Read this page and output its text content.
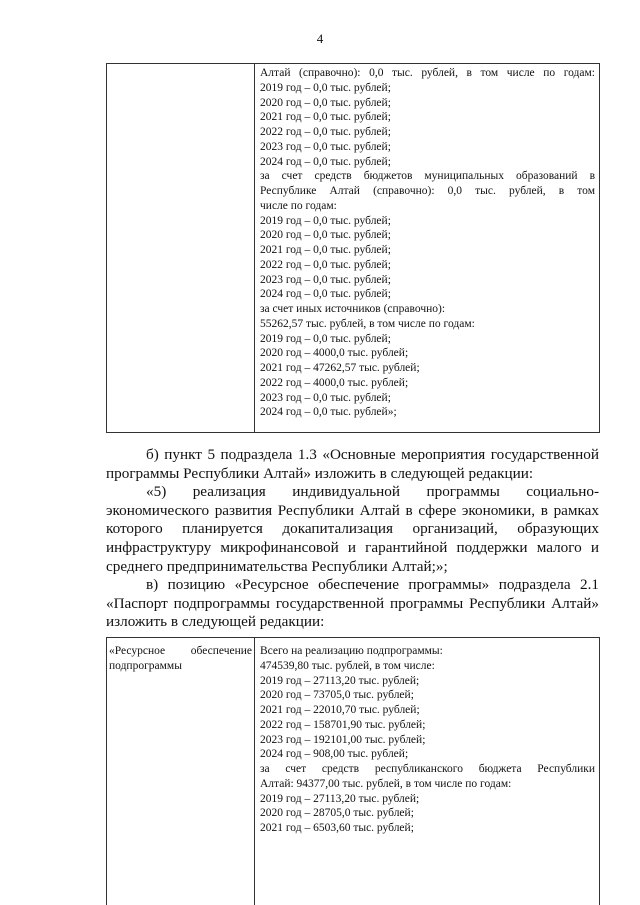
4

Алтай (справочно): 0,0 тыс. рублей, в том числе по годам:
2019 год – 0,0 тыс. рублей;
2020 год – 0,0 тыс. рублей;
2021 год – 0,0 тыс. рублей;
2022 год – 0,0 тыс. рублей;
2023 год – 0,0 тыс. рублей;
2024 год – 0,0 тыс. рублей;
за счет средств бюджетов муниципальных образований в
Республике Алтай (справочно): 0,0 тыс. рублей, в том
числе по годам:
2019 год – 0,0 тыс. рублей;
2020 год – 0,0 тыс. рублей;
2021 год – 0,0 тыс. рублей;
2022 год – 0,0 тыс. рублей;
2023 год – 0,0 тыс. рублей;
2024 год – 0,0 тыс. рублей;
за счет иных источников (справочно):
55262,57 тыс. рублей, в том числе по годам:
2019 год – 0,0 тыс. рублей;
2020 год – 4000,0 тыс. рублей;
2021 год – 47262,57 тыс. рублей;
2022 год – 4000,0 тыс. рублей;
2023 год – 0,0 тыс. рублей;
2024 год – 0,0 тыс. рублей»;
б) пункт 5 подраздела 1.3 «Основные мероприятия государственной
программы Республики Алтай» изложить в следующей редакции:
«5) реализация индивидуальной программы социально-
экономического развития Республики Алтай в сфере экономики, в рамках
которого планируется докапитализация организаций, образующих
инфраструктуру микрофинансовой и гарантийной поддержки малого и
среднего предпринимательства Республики Алтай;»;
в) позицию «Ресурсное обеспечение программы» подраздела 2.1
«Паспорт подпрограммы государственной программы Республики Алтай»
изложить в следующей редакции:
«Ресурсное обеспечение
подпрограммы

Всего на реализацию подпрограммы:
474539,80 тыс. рублей, в том числе:
2019 год – 27113,20 тыс. рублей;
2020 год – 73705,0 тыс. рублей;
2021 год – 22010,70 тыс. рублей;
2022 год – 158701,90 тыс. рублей;
2023 год – 192101,00 тыс. рублей;
2024 год – 908,00 тыс. рублей;
за счет средств республиканского бюджета Республики
Алтай: 94377,00 тыс. рублей, в том числе по годам:
2019 год – 27113,20 тыс. рублей;
2020 год – 28705,0 тыс. рублей;
2021 год – 6503,60 тыс. рублей;
